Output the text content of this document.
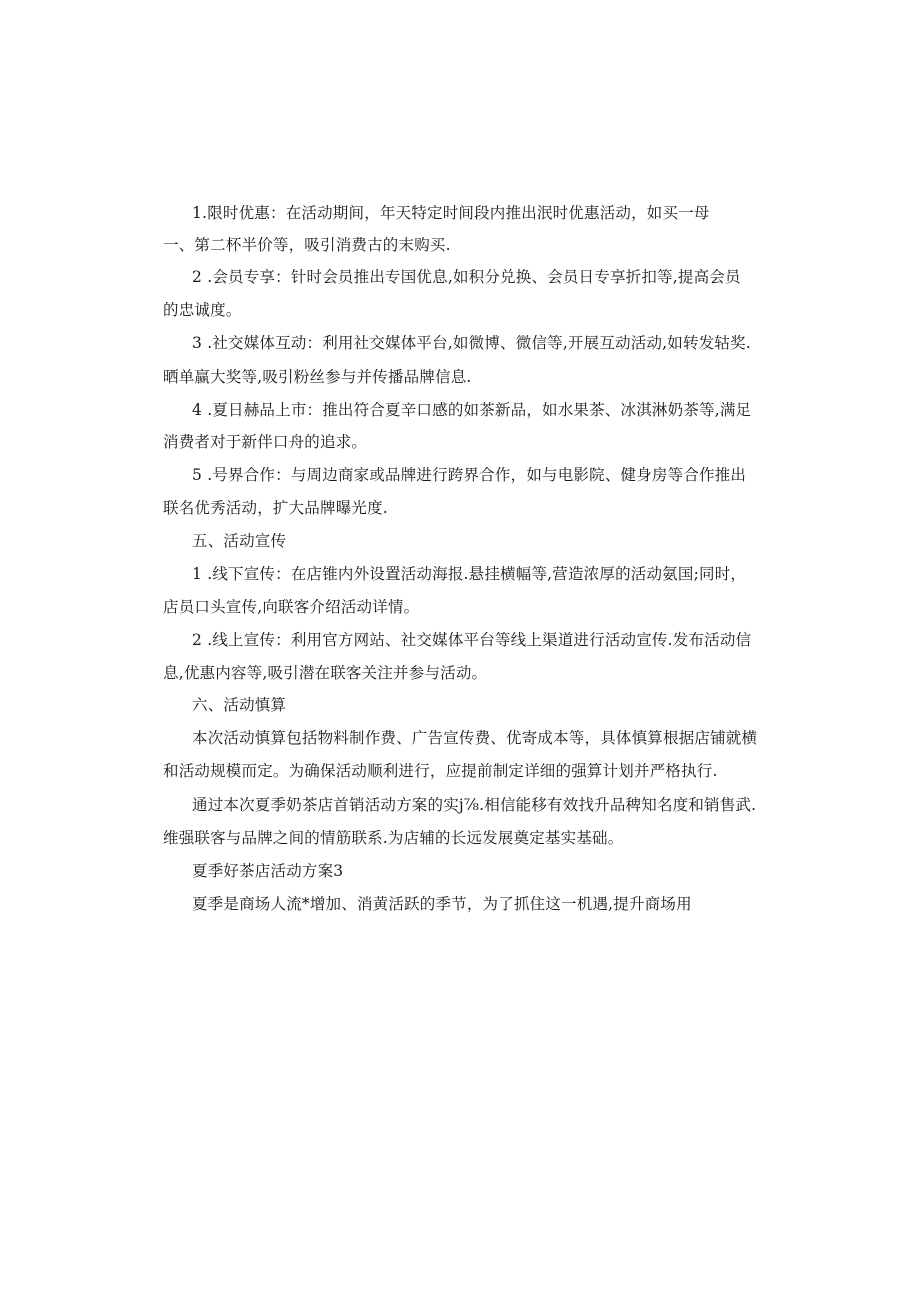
1.限时优惠：在活动期间，年天特定时间段内推出泯时优惠活动，如买一母
一、第二杯半价等，吸引消费古的末购买.
2 .会员专享：针时会员推出专国优息,如积分兑换、会员日专享折扣等,提高会员
的忠诚度。
3 .社交媒体互动：利用社交媒体平台,如微博、微信等,开展互动活动,如转发轱奖.
晒单赢大奖等,吸引粉丝参与并传播品牌信息.
4 .夏日赫品上市：推出符合夏辛口感的如茶新品，如水果茶、冰淇淋奶茶等,满足
消费者对于新伴口舟的追求。
5 .号界合作：与周边商家或品牌进行跨界合作，如与电影院、健身房等合作推出
联名优秀活动，扩大品牌曝光度.
五、活动宣传
1 .线下宣传：在店锥内外设置活动海报.悬挂横幅等,营造浓厚的活动氨国;同时，
店员口头宣传,向联客介绍活动详情。
2 .线上宣传：利用官方网站、社交媒体平台等线上渠道进行活动宣传.发布活动信
息,优惠内容等,吸引潜在联客关注并参与活动。
六、活动慎算
本次活动慎算包括物料制作费、广告宣传费、优寄成本等，具体慎算根据店铺就横
和活动规模而定。为确保活动顺利进行，应提前制定详细的强算计划并严格执行.
通过本次夏季奶茶店首销活动方案的实j⅞.相信能移有效找升品稗知名度和销售武.
维强联客与品牌之间的情筋联系.为店辅的长远发展奠定基实基础。
夏季好茶店活动方案3
夏季是商场人流*增加、消黄活跃的季节，为了抓住这一机遇,提升商场用
